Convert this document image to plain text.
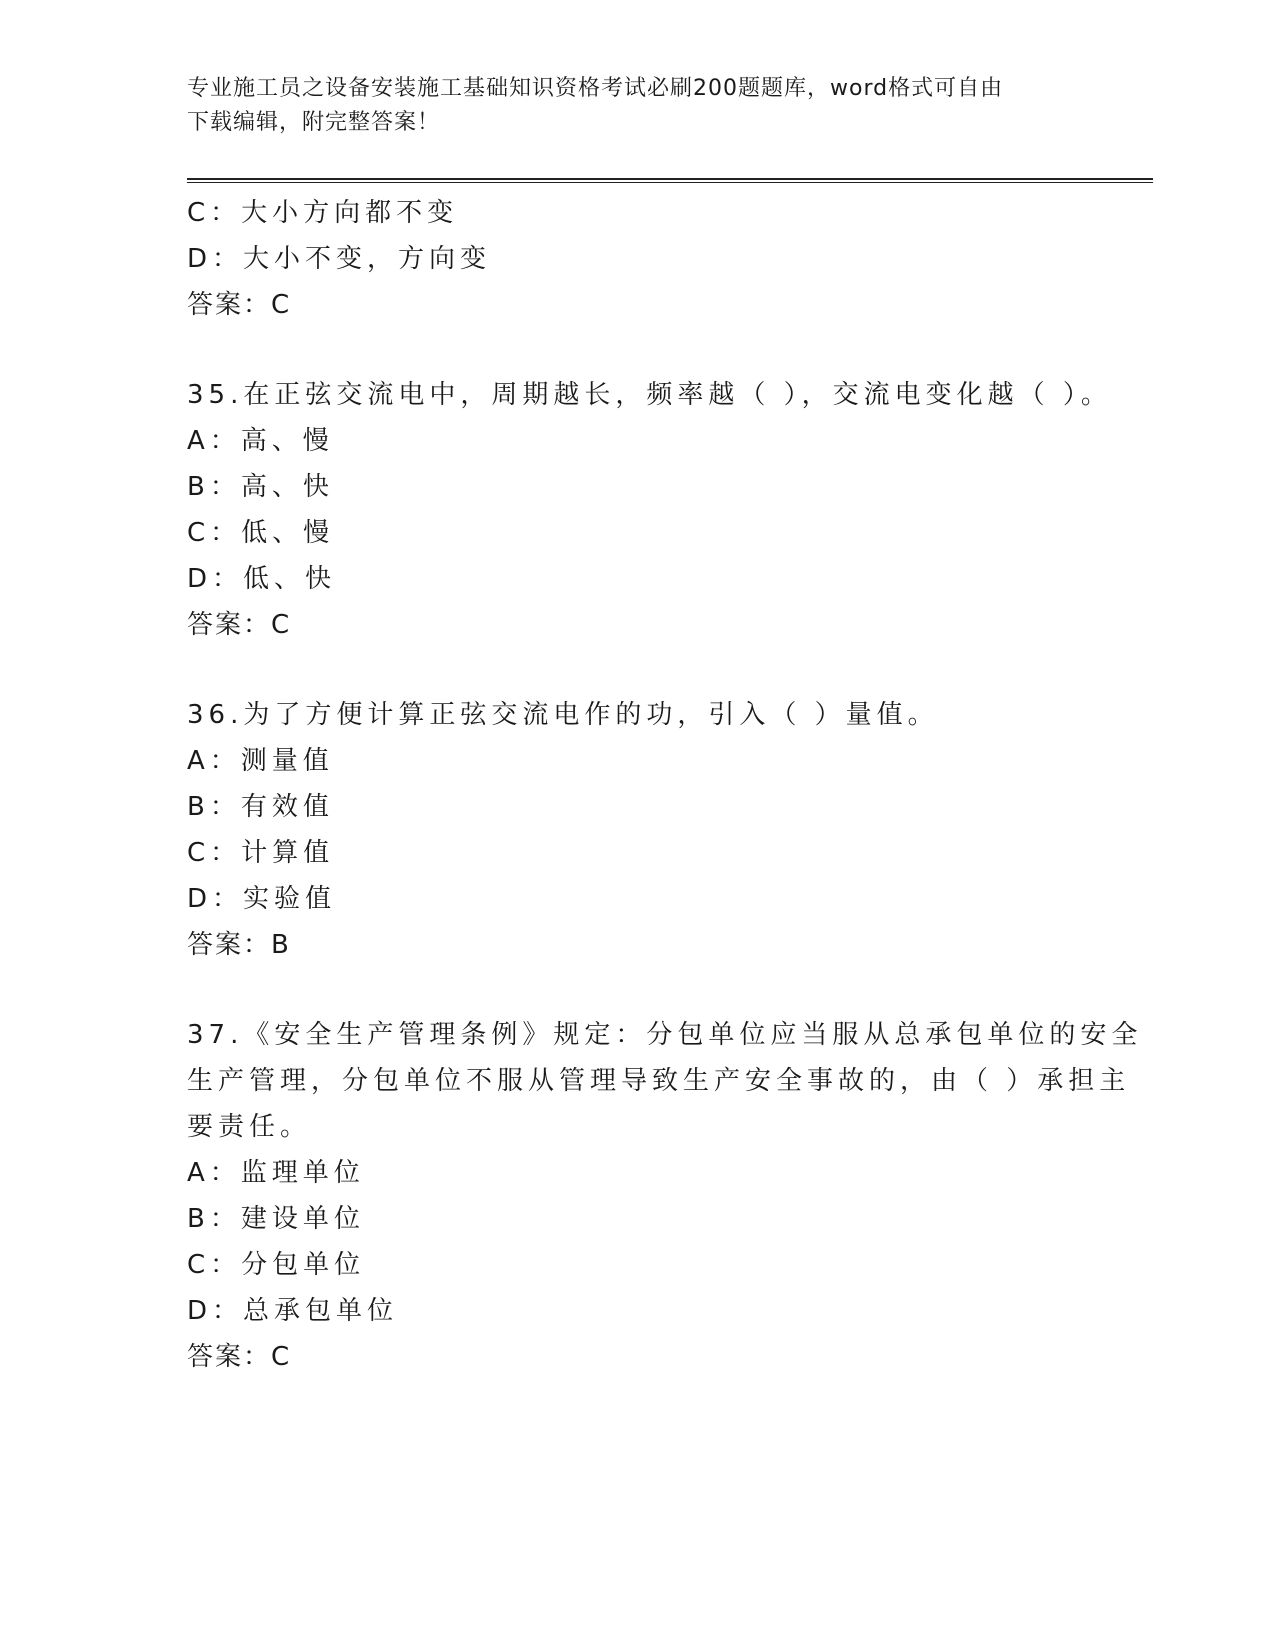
专业施工员之设备安装施工基础知识资格考试必刷200题题库，word格式可自由
下载编辑，附完整答案！
C：大小方向都不变
D：大小不变，方向变
答案：C
35.在正弦交流电中，周期越长，频率越（ ），交流电变化越（ ）。
A：高、慢
B：高、快
C：低、慢
D：低、快
答案：C
36.为了方便计算正弦交流电作的功，引入（ ）量值。
A：测量值
B：有效值
C：计算值
D：实验值
答案：B
37.《安全生产管理条例》规定：分包单位应当服从总承包单位的安全
生产管理，分包单位不服从管理导致生产安全事故的，由（ ）承担主
要责任。
A：监理单位
B：建设单位
C：分包单位
D：总承包单位
答案：C
